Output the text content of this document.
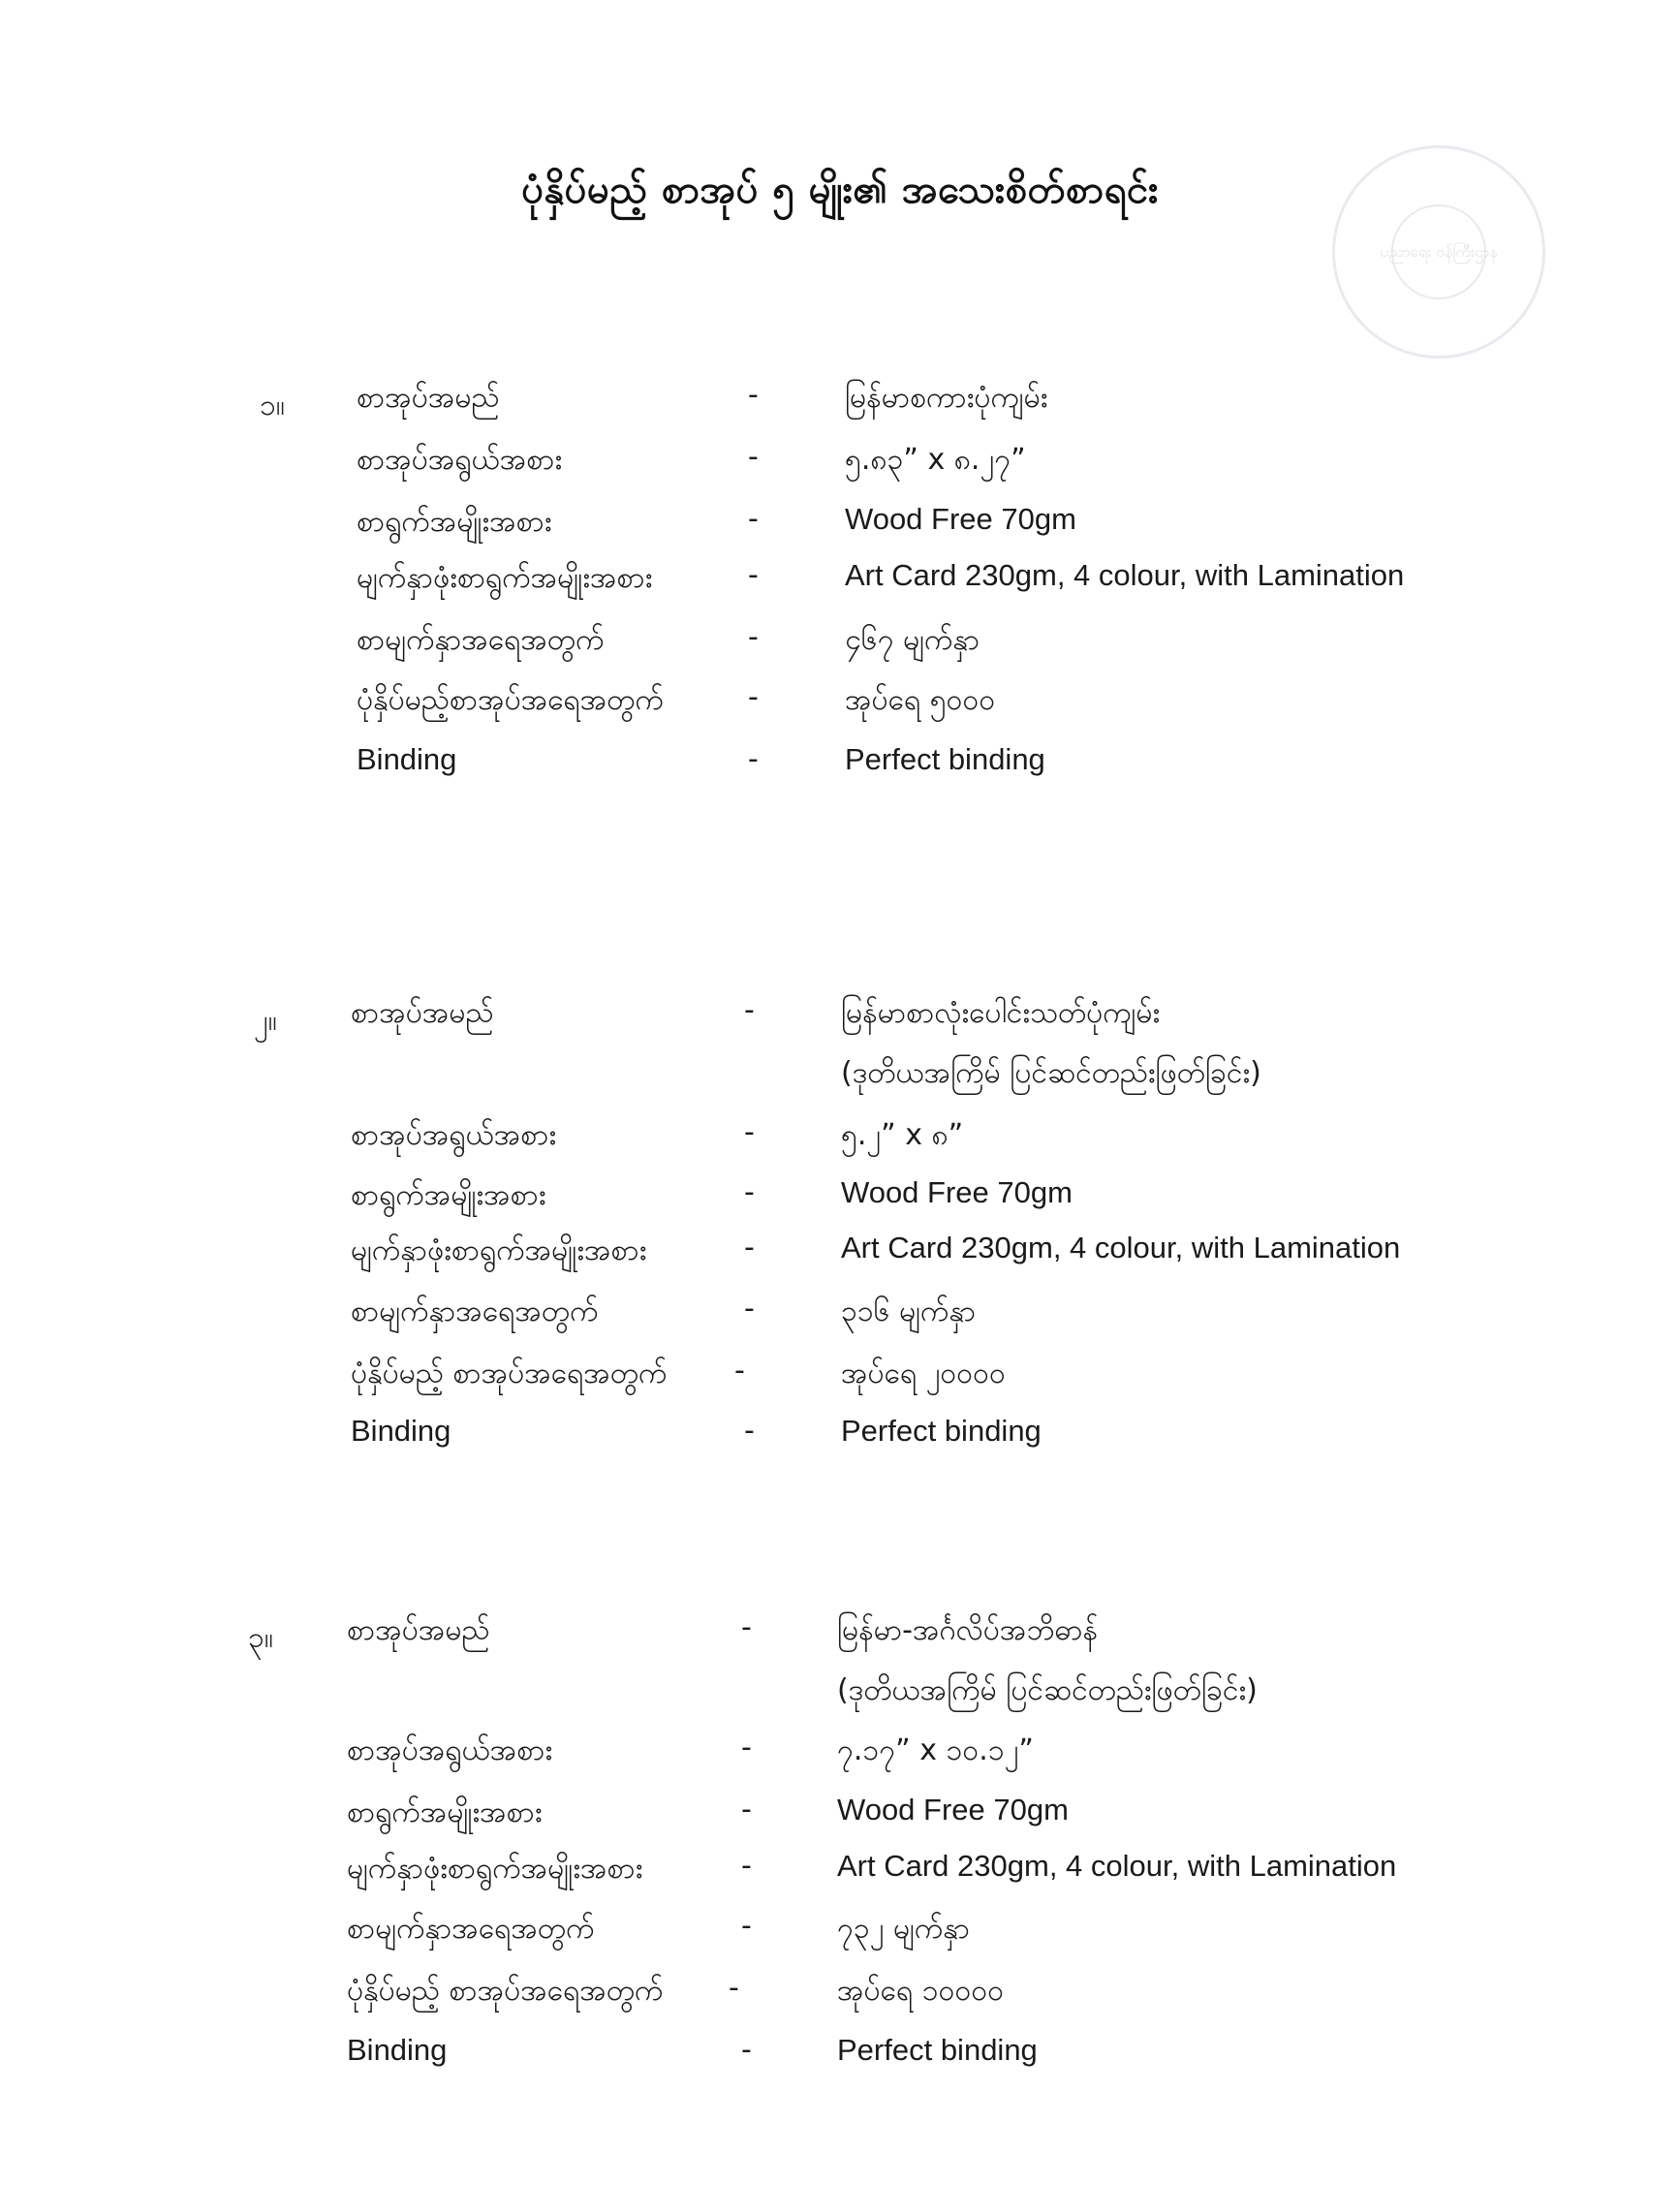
ပုံနှိပ်မည့် စာအုပ် ၅ မျိုး၏ အသေးစိတ်စာရင်း
ပညာရေး ဝန်ကြီးဌာန
၁။ စာအုပ်အမည်	-	မြန်မာစကားပုံကျမ်း
စာအုပ်အရွယ်အစား	-	၅.၈၃” x ၈.၂၇”
စာရွက်အမျိုးအစား	-	Wood Free 70gm
မျက်နှာဖုံးစာရွက်အမျိုးအစား	-	Art Card 230gm, 4 colour, with Lamination
စာမျက်နှာအရေအတွက်	-	၄၆၇ မျက်နှာ
ပုံနှိပ်မည့်စာအုပ်အရေအတွက်	-	အုပ်ရေ ၅၀၀၀
Binding	-	Perfect binding
၂။	စာအုပ်အမည်	-	မြန်မာစာလုံးပေါင်းသတ်ပုံကျမ်း
(ဒုတိယအကြိမ် ပြင်ဆင်တည်းဖြတ်ခြင်း)
စာအုပ်အရွယ်အစား	-	၅.၂” x ၈”
စာရွက်အမျိုးအစား	-	Wood Free 70gm
မျက်နှာဖုံးစာရွက်အမျိုးအစား	-	Art Card 230gm, 4 colour, with Lamination
စာမျက်နှာအရေအတွက်	-	၃၁၆ မျက်နှာ
ပုံနှိပ်မည့် စာအုပ်အရေအတွက် -	အုပ်ရေ ၂၀၀၀၀
Binding	-	Perfect binding
၃။	စာအုပ်အမည်	-	မြန်မာ-အင်္ဂလိပ်အဘိဓာန်
(ဒုတိယအကြိမ် ပြင်ဆင်တည်းဖြတ်ခြင်း)
စာအုပ်အရွယ်အစား	-	၇.၁၇” x ၁၀.၁၂”
စာရွက်အမျိုးအစား	-	Wood Free 70gm
မျက်နှာဖုံးစာရွက်အမျိုးအစား	-	Art Card 230gm, 4 colour, with Lamination
စာမျက်နှာအရေအတွက်	-	၇၃၂ မျက်နှာ
ပုံနှိပ်မည့် စာအုပ်အရေအတွက် -	အုပ်ရေ ၁၀၀၀၀
Binding	-	Perfect binding
